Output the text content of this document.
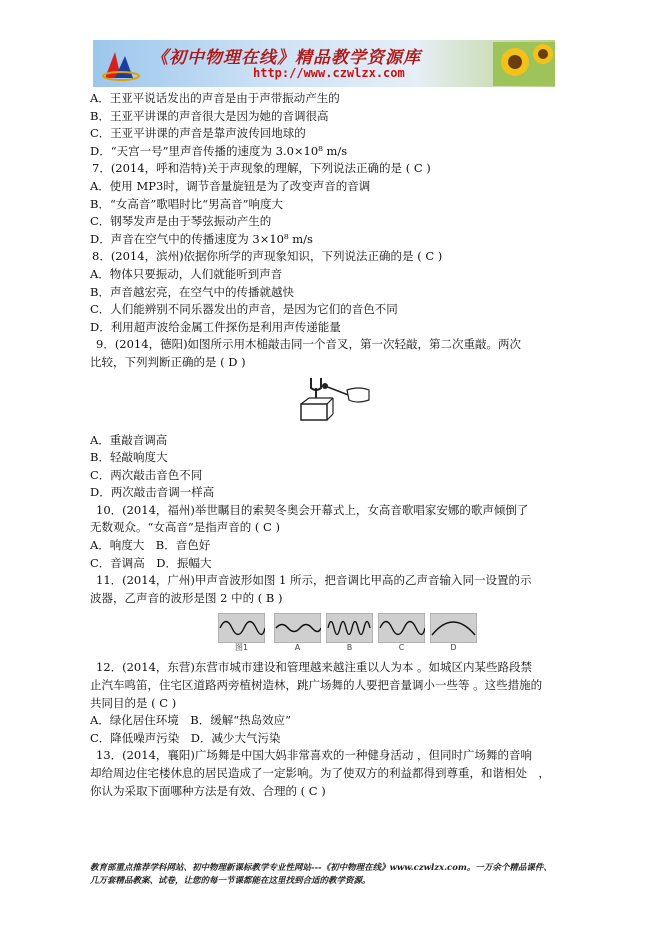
《初中物理在线》精品教学资源库
http://www.czwlzx.com

A．王亚平说话发出的声音是由于声带振动产生的

B．王亚平讲课的声音很大是因为她的音调很高

C．王亚平讲课的声音是靠声波传回地球的

D．“天宫一号”里声音传播的速度为 3.0×10⁸ m/s

7．(2014，呼和浩特)关于声现象的理解，下列说法正确的是 ( C )

A．使用 MP3时，调节音量旋钮是为了改变声音的音调

B．“女高音”歌唱时比“男高音”响度大

C．钢琴发声是由于琴弦振动产生的

D．声音在空气中的传播速度为 3×10⁸ m/s

8．(2014，滨州)依据你所学的声现象知识，下列说法正确的是 ( C )

A．物体只要振动，人们就能听到声音

B．声音越宏亮，在空气中的传播就越快

C．人们能辨别不同乐器发出的声音，是因为它们的音色不同

D．利用超声波给金属工件探伤是利用声传递能量

9．(2014，德阳)如图所示用木槌敲击同一个音叉，第一次轻敲，第二次重敲。两次

比较，下列判断正确的是 ( D )

A．重敲音调高

B．轻敲响度大

C．两次敲击音色不同

D．两次敲击音调一样高

10．(2014，福州)举世瞩目的索契冬奥会开幕式上，女高音歌唱家安娜的歌声倾倒了

无数观众。“女高音”是指声音的 ( C )

A．响度大　B．音色好

C．音调高　D．振幅大

11．(2014，广州)甲声音波形如图 1 所示，把音调比甲高的乙声音输入同一设置的示

波器，乙声音的波形是图 2 中的 ( B )

图1	A	B	C	D

12．(2014，东营)东营市城市建设和管理越来越注重以人为本 。如城区内某些路段禁

止汽车鸣笛，住宅区道路两旁植树造林，跳广场舞的人要把音量调小一些等 。这些措施的

共同目的是 ( C )

A．绿化居住环境　B．缓解“热岛效应”

C．降低噪声污染　D．减少大气污染

13．(2014，襄阳)广场舞是中国大妈非常喜欢的一种健身活动 ，但同时广场舞的音响

却给周边住宅楼休息的居民造成了一定影响。为了使双方的利益都得到尊重，和谐相处　，

你认为采取下面哪种方法是有效、合理的 ( C )

教育部重点推荐学科网站、初中物理新课标教学专业性网站---《初中物理在线》www.czwlzx.com。一万余个精品课件、
几万套精品教案、试卷，让您的每一节课都能在这里找到合适的教学资源。
